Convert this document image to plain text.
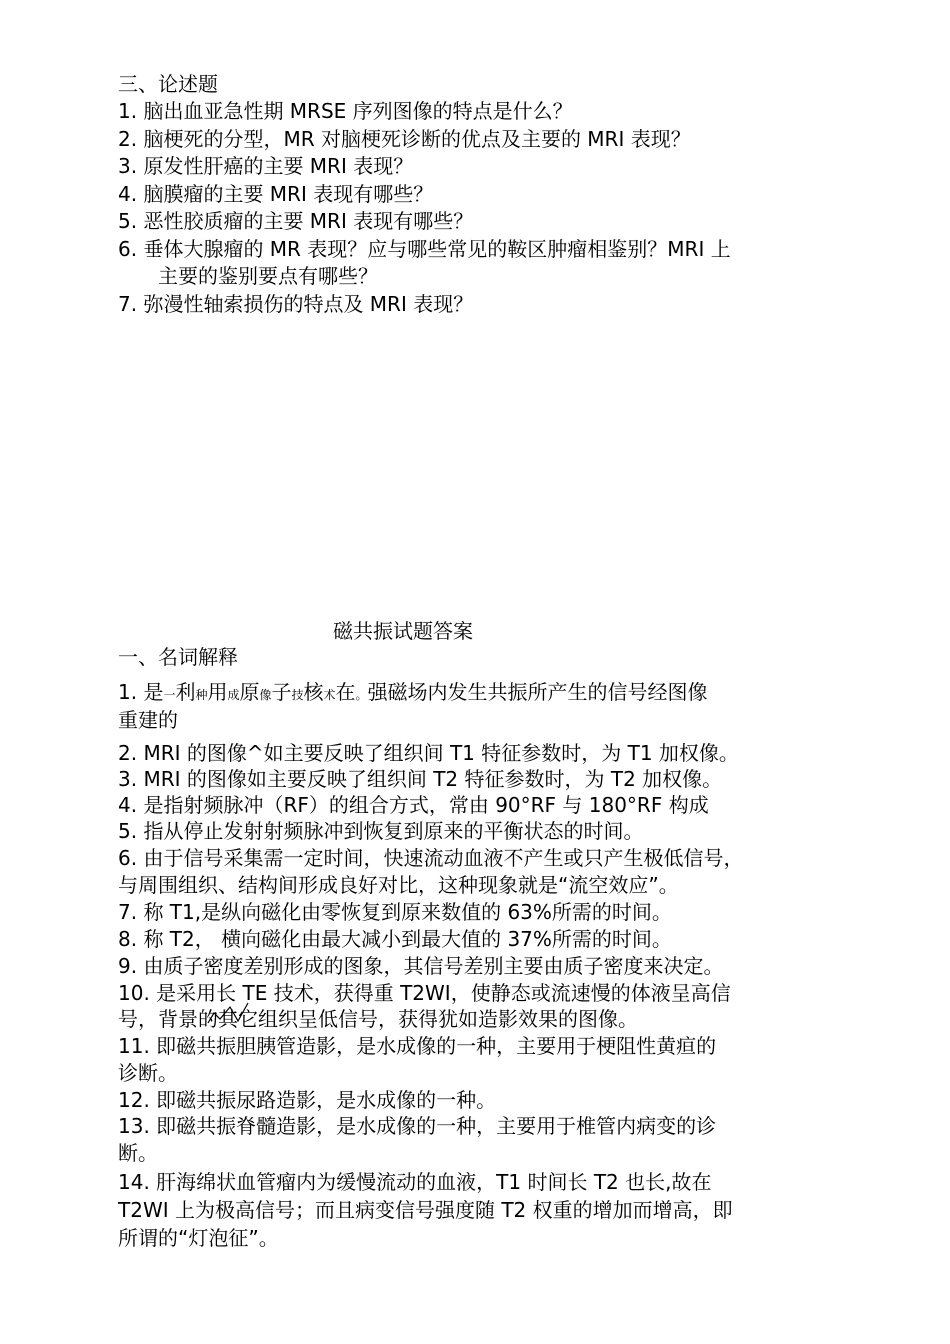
三、论述题
1. 脑出血亚急性期 MRSE 序列图像的特点是什么？
2. 脑梗死的分型，MR 对脑梗死诊断的优点及主要的 MRI 表现？
3. 原发性肝癌的主要 MRI 表现？
4. 脑膜瘤的主要 MRI 表现有哪些？
5. 恶性胶质瘤的主要 MRI 表现有哪些？
6. 垂体大腺瘤的 MR 表现？应与哪些常见的鞍区肿瘤相鉴别？MRI 上
主要的鉴别要点有哪些？
7. 弥漫性轴索损伤的特点及 MRI 表现？
磁共振试题答案
一、名词解释
1. 是一利种用成原像子技核术在。强磁场内发生共振所产生的信号经图像
重建的
2. MRI 的图像^如主要反映了组织间 T1 特征参数时，为 T1 加权像。
3. MRI 的图像如主要反映了组织间 T2 特征参数时，为 T2 加权像。
4. 是指射频脉冲（RF）的组合方式，常由 90°RF 与 180°RF 构成
5. 指从停止发射射频脉冲到恢复到原来的平衡状态的时间。
6. 由于信号采集需一定时间，快速流动血液不产生或只产生极低信号，
与周围组织、结构间形成良好对比，这种现象就是“流空效应”。
7. 称 T1,是纵向磁化由零恢复到原来数值的 63%所需的时间。
8. 称 T2， 横向磁化由最大减小到最大值的 37%所需的时间。
9. 由质子密度差别形成的图象，其信号差别主要由质子密度来决定。
10. 是采用长 TE 技术，获得重 T2WI，使静态或流速慢的体液呈高信
号，背景的其它组织呈低信号，获得犹如造影效果的图像。
11. 即磁共振胆胰管造影，是水成像的一种，主要用于梗阻性黄疸的
诊断。
12. 即磁共振尿路造影，是水成像的一种。
13. 即磁共振脊髓造影，是水成像的一种，主要用于椎管内病变的诊
断。
14. 肝海绵状血管瘤内为缓慢流动的血液，T1 时间长 T2 也长,故在
T2WI 上为极高信号；而且病变信号强度随 T2 权重的增加而增高，即
所谓的“灯泡征”。
